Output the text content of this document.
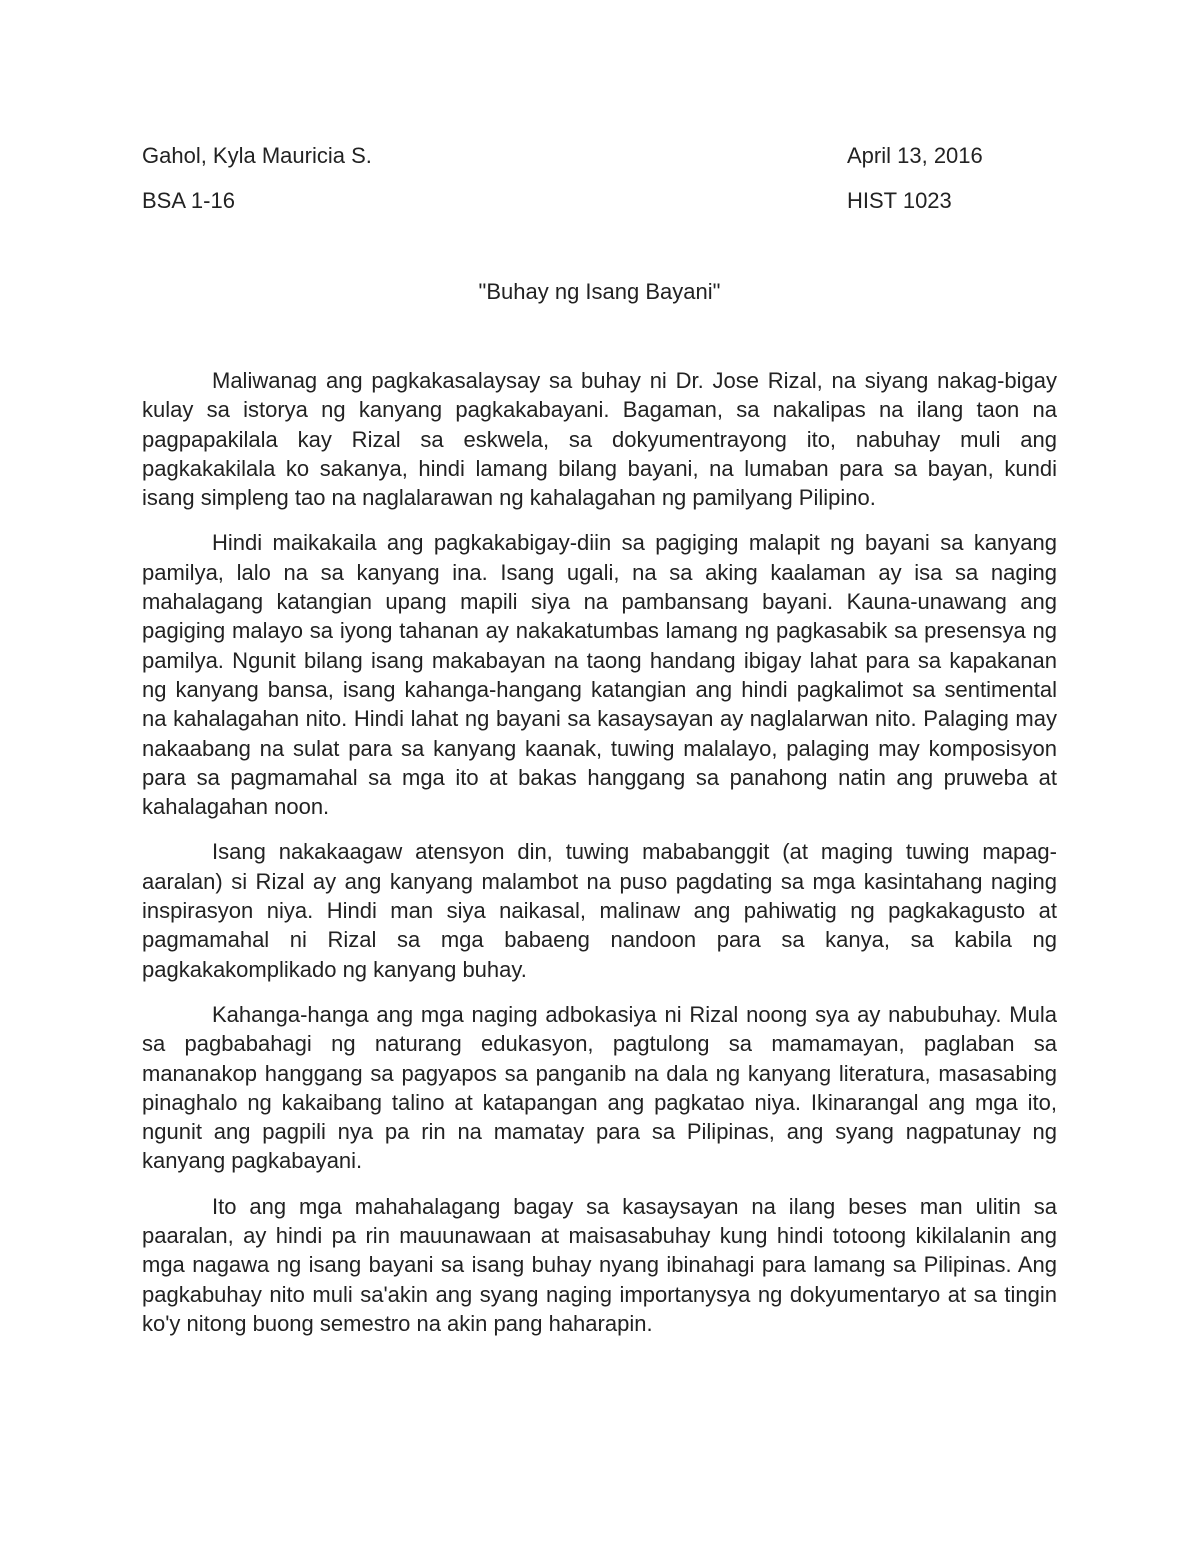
Gahol, Kyla Mauricia S.	April 13, 2016
BSA 1-16	HIST 1023
"Buhay ng Isang Bayani"

Maliwanag ang pagkakasalaysay sa buhay ni Dr. Jose Rizal, na siyang nakag-bigay kulay sa istorya ng kanyang pagkakabayani. Bagaman, sa nakalipas na ilang taon na pagpapakilala kay Rizal sa eskwela, sa dokyumentrayong ito, nabuhay muli ang pagkakakilala ko sakanya, hindi lamang bilang bayani, na lumaban para sa bayan, kundi isang simpleng tao na naglalarawan ng kahalagahan ng pamilyang Pilipino.

Hindi maikakaila ang pagkakabigay-diin sa pagiging malapit ng bayani sa kanyang pamilya, lalo na sa kanyang ina. Isang ugali, na sa aking kaalaman ay isa sa naging mahalagang katangian upang mapili siya na pambansang bayani. Kauna-unawang ang pagiging malayo sa iyong tahanan ay nakakatumbas lamang ng pagkasabik sa presensya ng pamilya. Ngunit bilang isang makabayan na taong handang ibigay lahat para sa kapakanan ng kanyang bansa, isang kahanga-hangang katangian ang hindi pagkalimot sa sentimental na kahalagahan nito. Hindi lahat ng bayani sa kasaysayan ay naglalarwan nito. Palaging may nakaabang na sulat para sa kanyang kaanak, tuwing malalayo, palaging may komposisyon para sa pagmamahal sa mga ito at bakas hanggang sa panahong natin ang pruweba at kahalagahan noon.

Isang nakakaagaw atensyon din, tuwing mababanggit (at maging tuwing mapag-aaralan) si Rizal ay ang kanyang malambot na puso pagdating sa mga kasintahang naging inspirasyon niya. Hindi man siya naikasal, malinaw ang pahiwatig ng pagkakagusto at pagmamahal ni Rizal sa mga babaeng nandoon para sa kanya, sa kabila ng pagkakakomplikado ng kanyang buhay.

Kahanga-hanga ang mga naging adbokasiya ni Rizal noong sya ay nabubuhay. Mula sa pagbabahagi ng naturang edukasyon, pagtulong sa mamamayan, paglaban sa mananakop hanggang sa pagyapos sa panganib na dala ng kanyang literatura, masasabing pinaghalo ng kakaibang talino at katapangan ang pagkatao niya. Ikinarangal ang mga ito, ngunit ang pagpili nya pa rin na mamatay para sa Pilipinas, ang syang nagpatunay ng kanyang pagkabayani.

Ito ang mga mahahalagang bagay sa kasaysayan na ilang beses man ulitin sa paaralan, ay hindi pa rin mauunawaan at maisasabuhay kung hindi totoong kikilalanin ang mga nagawa ng isang bayani sa isang buhay nyang ibinahagi para lamang sa Pilipinas. Ang pagkabuhay nito muli sa'akin ang syang naging importanysya ng dokyumentaryo at sa tingin ko'y nitong buong semestro na akin pang haharapin.
